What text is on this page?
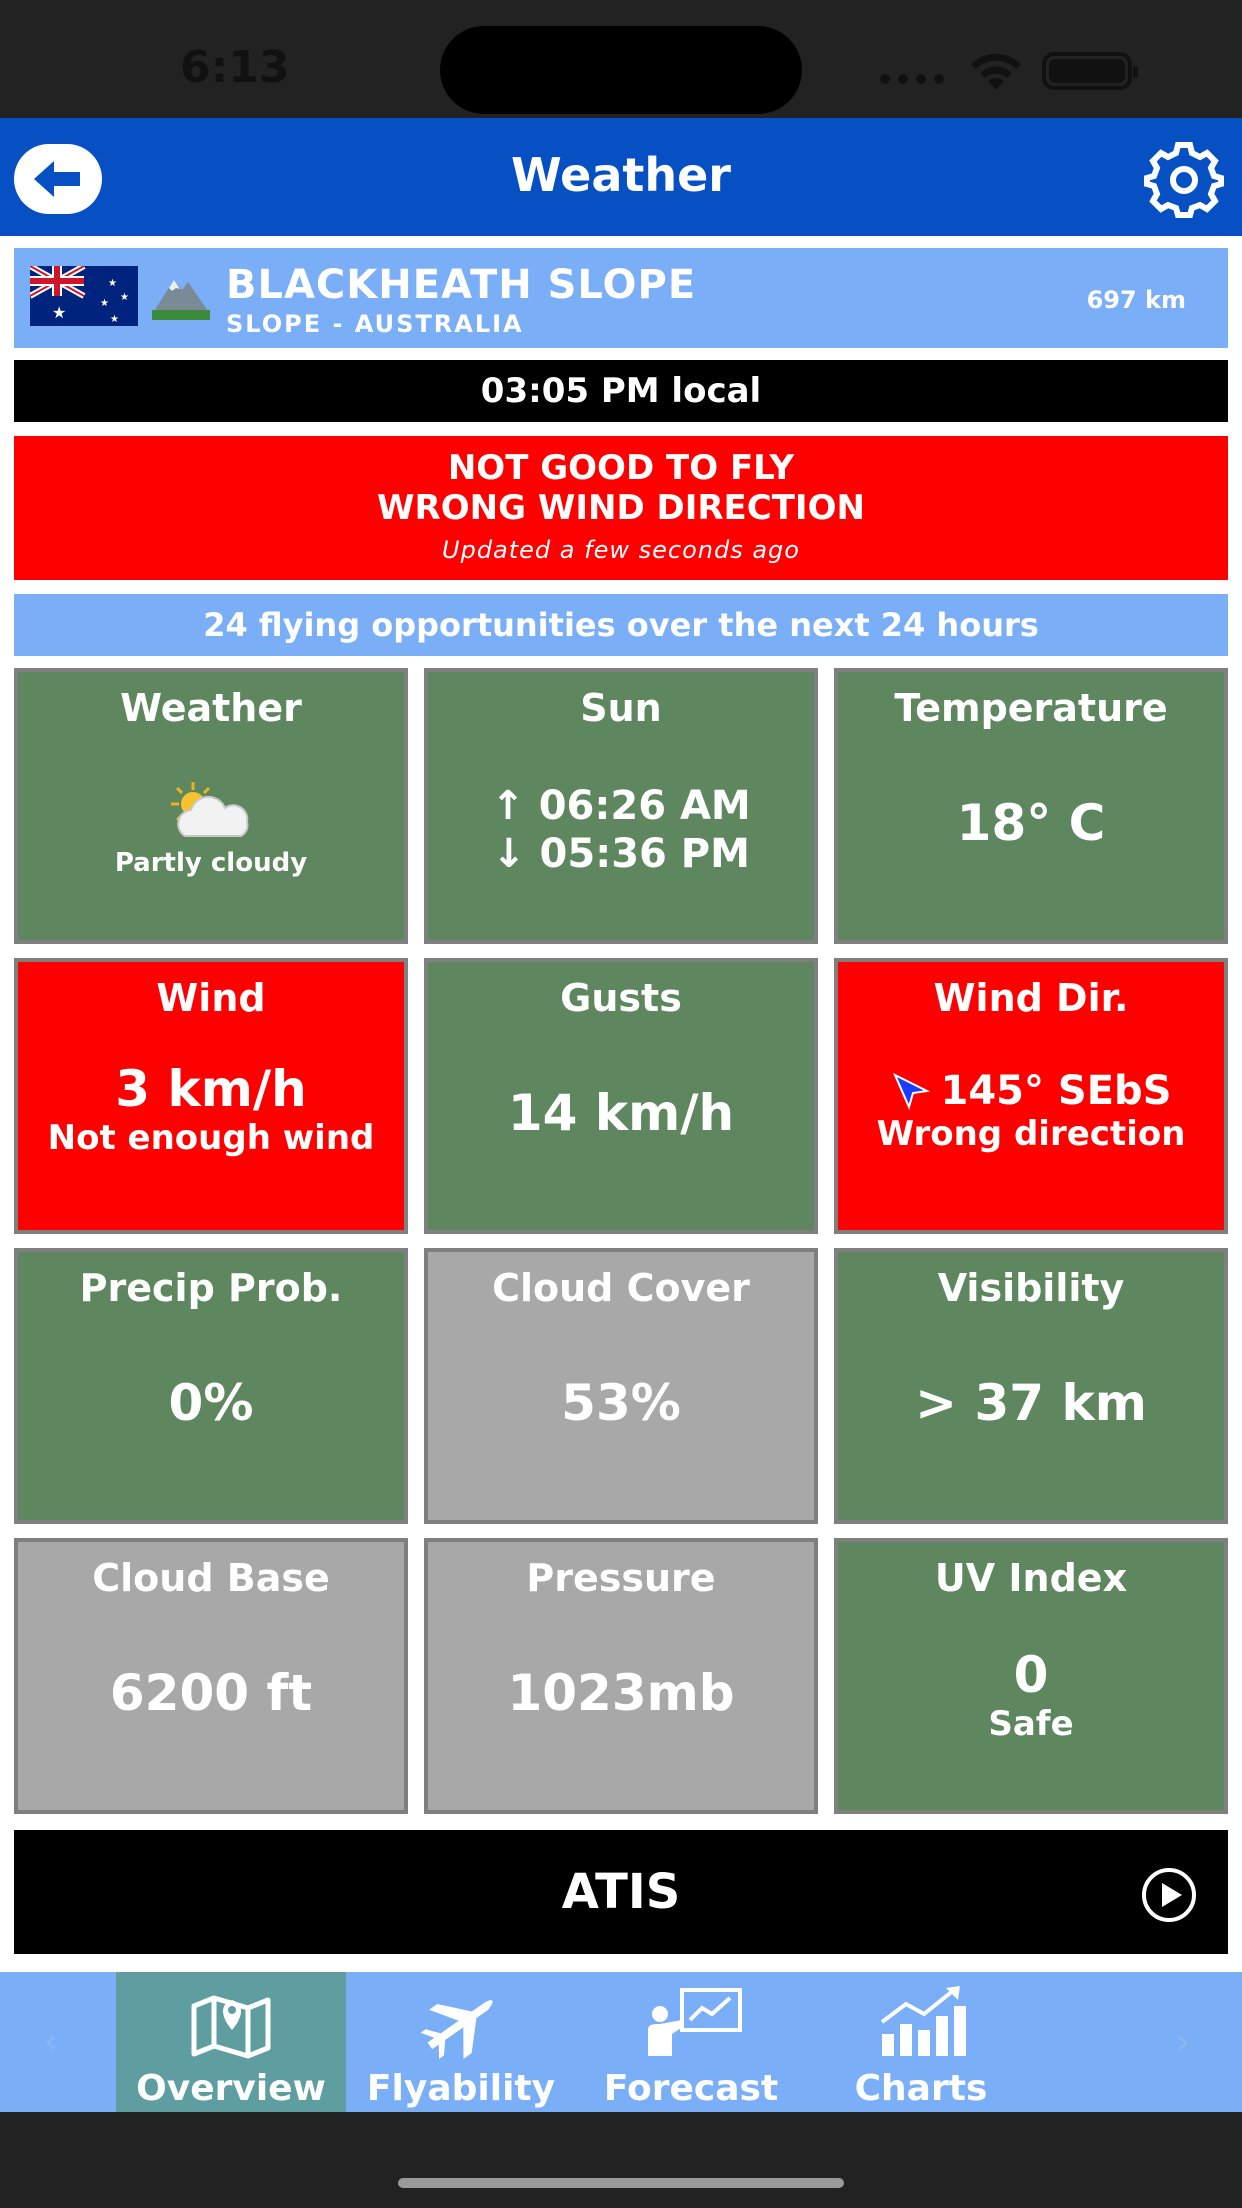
6:13
Weather
★
★
★
★
★
BLACKHEATH SLOPE
SLOPE - AUSTRALIA
697 km
03:05 PM local
NOT GOOD TO FLY
WRONG WIND DIRECTION
Updated a few seconds ago
24 flying opportunities over the next 24 hours
Weather
Partly cloudy
Sun
↑ 06:26 AM
↓ 05:36 PM
Temperature
18° C
Wind
3 km/h
Not enough wind
Gusts
14 km/h
Wind Dir.
145° SEbS
Wrong direction
Precip Prob.
0%
Cloud Cover
53%
Visibility
> 37 km
Cloud Base
6200 ft
Pressure
1023mb
UV Index
0
Safe
ATIS
‹
Overview	Flyability	Forecast	Charts
›
